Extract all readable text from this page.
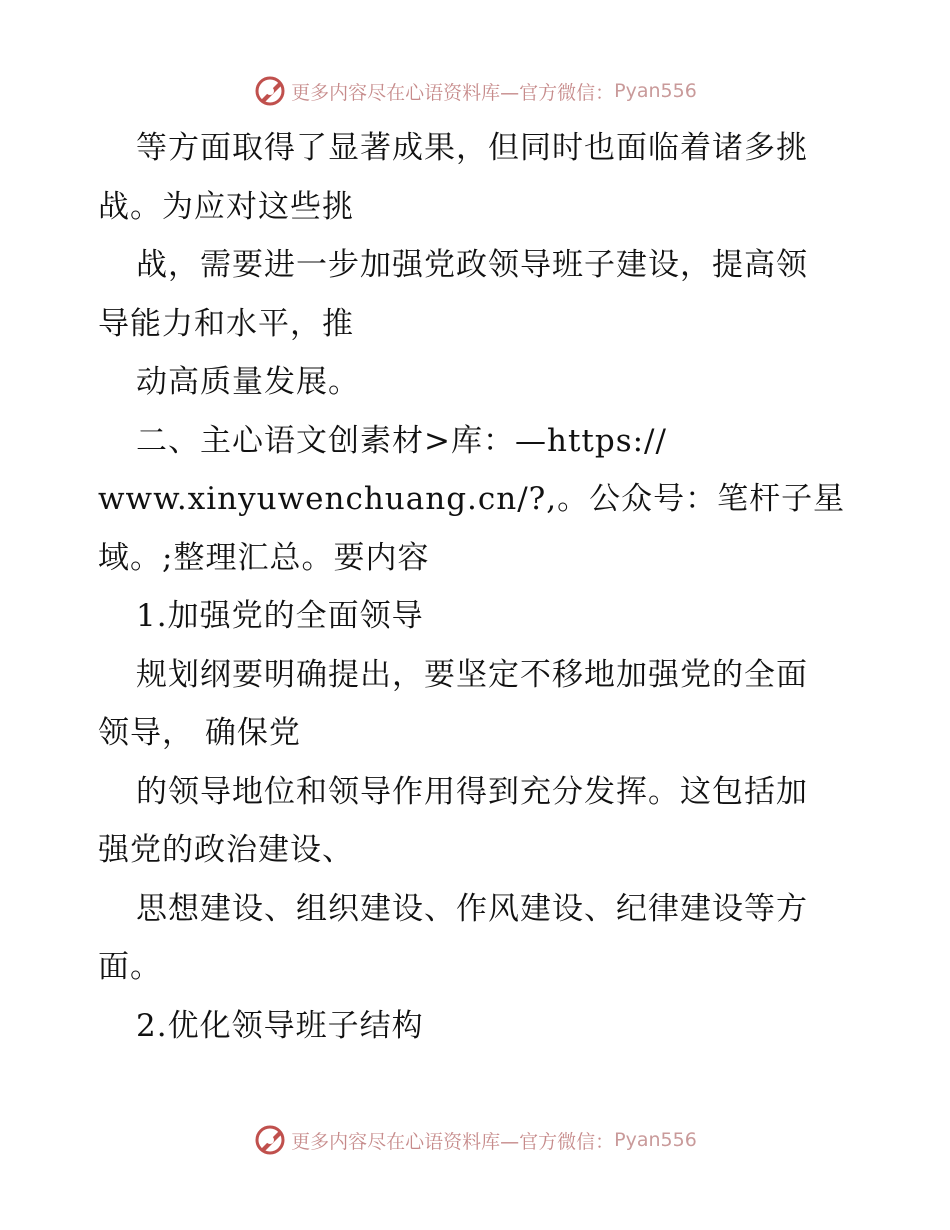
更多内容尽在心语资料库—官方微信： Pyan556
等方面取得了显著成果，但同时也面临着诸多挑
战。为应对这些挑
战，需要进一步加强党政领导班子建设，提高领
导能力和水平，推
动高质量发展。
二、主心语文创素材>库：—https://
www.xinyuwenchuang.cn/?,。公众号：笔杆子星
域。;整理汇总。要内容
1.加强党的全面领导
规划纲要明确提出，要坚定不移地加强党的全面
领导， 确保党
的领导地位和领导作用得到充分发挥。这包括加
强党的政治建设、
思想建设、组织建设、作风建设、纪律建设等方
面。
2.优化领导班子结构
更多内容尽在心语资料库—官方微信： Pyan556
